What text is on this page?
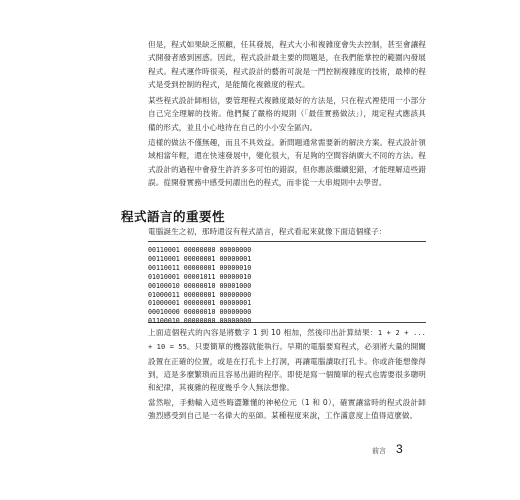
但是，程式如果缺乏照顧，任其發展，程式大小和複雜度會失去控制，甚至會讓程式開發者感到困惑。因此，程式設計最主要的問題是，在我們能掌控的範圍內發展程式。程式運作時很美，程式設計的藝術可說是一門控制複雜度的技術，最棒的程式是受到控制的程式，是能簡化複雜度的程式。

某些程式設計師相信，要管理程式複雜度最好的方法是，只在程式裡使用一小部分自己完全理解的技術。他們擬了嚴格的規則（「最佳實務做法」），規定程式應該具備的形式，並且小心地待在自己的小小安全區內。

這樣的做法不僅無趣，而且不具效益。新問題通常需要新的解決方案。程式設計領域相當年輕，還在快速發展中，變化很大，有足夠的空間容納廣大不同的方法。程式設計的過程中會發生許許多多可怕的錯誤，但你應該繼續犯錯，才能理解這些錯誤。從開發實務中感受何謂出色的程式，而非從一大串規則中去學習。

程式語言的重要性

電腦誕生之初，那時還沒有程式語言，程式看起來就像下面這個樣子：

00110001 00000000 00000000
00110001 00000001 00000001
00110011 00000001 00000010
01010001 00001011 00000010
00100010 00000010 00001000
01000011 00000001 00000000
01000001 00000001 00000001
00010000 00000010 00000000
01100010 00000000 00000000

上面這個程式的內容是將數字 1 到 10 相加，然後印出計算結果：1 + 2 + ... + 10 = 55。只要簡單的機器就能執行。早期的電腦要寫程式，必須將大量的開關設置在正確的位置，或是在打孔卡上打洞，再讓電腦讀取打孔卡。你或許能想像得到，這是多麼繁瑣而且容易出錯的程序。即使是寫一個簡單的程式也需要很多聰明和紀律，其複雜的程度幾乎令人無法想像。

當然啦，手動輸入這些晦澀難懂的神秘位元（1 和 0），確實讓當時的程式設計師強烈感受到自己是一名偉大的巫師。某種程度來說，工作滿意度上值得這麼做。

前言 3
